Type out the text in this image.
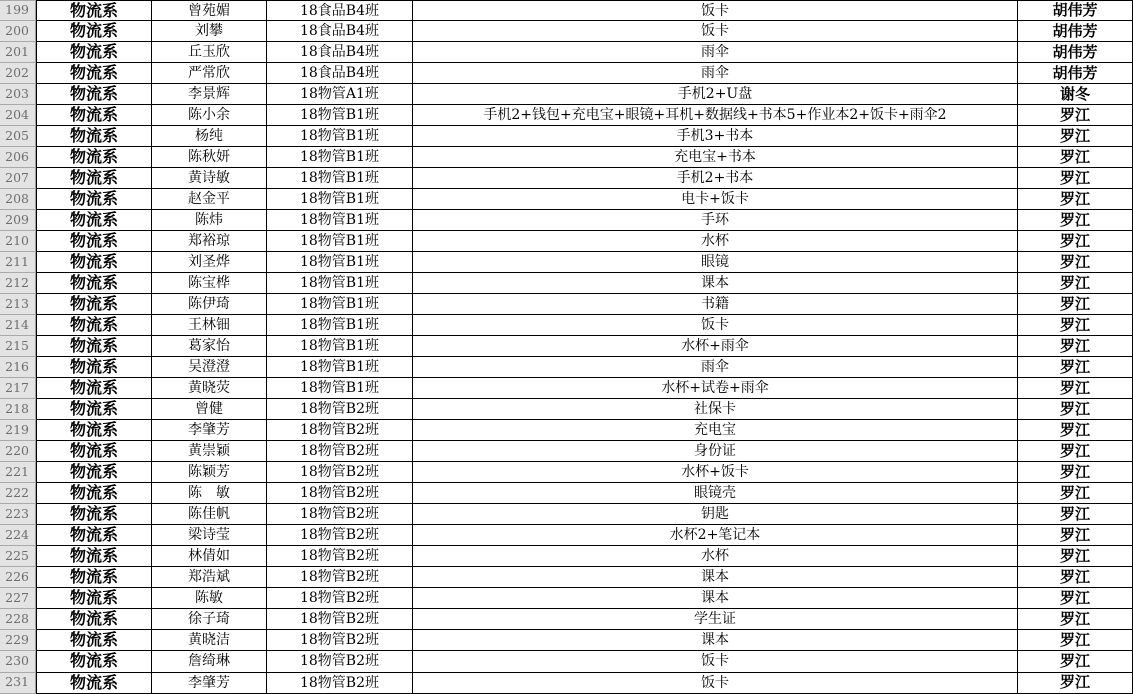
199	物流系	曾苑媚	18食品B4班	饭卡	胡伟芳
200	物流系	刘攀	18食品B4班	饭卡	胡伟芳
201	物流系	丘玉欣	18食品B4班	雨伞	胡伟芳
202	物流系	严常欣	18食品B4班	雨伞	胡伟芳
203	物流系	李景辉	18物管A1班	手机2+U盘	谢冬
204	物流系	陈小余	18物管B1班	手机2+钱包+充电宝+眼镜+耳机+数据线+书本5+作业本2+饭卡+雨伞2	罗江
205	物流系	杨纯	18物管B1班	手机3+书本	罗江
206	物流系	陈秋妍	18物管B1班	充电宝+书本	罗江
207	物流系	黄诗敏	18物管B1班	手机2+书本	罗江
208	物流系	赵金平	18物管B1班	电卡+饭卡	罗江
209	物流系	陈炜	18物管B1班	手环	罗江
210	物流系	郑裕琼	18物管B1班	水杯	罗江
211	物流系	刘圣烨	18物管B1班	眼镜	罗江
212	物流系	陈宝桦	18物管B1班	课本	罗江
213	物流系	陈伊琦	18物管B1班	书籍	罗江
214	物流系	王林钿	18物管B1班	饭卡	罗江
215	物流系	葛家怡	18物管B1班	水杯+雨伞	罗江
216	物流系	吴澄澄	18物管B1班	雨伞	罗江
217	物流系	黄晓荧	18物管B1班	水杯+试卷+雨伞	罗江
218	物流系	曾健	18物管B2班	社保卡	罗江
219	物流系	李肇芳	18物管B2班	充电宝	罗江
220	物流系	黄崇颖	18物管B2班	身份证	罗江
221	物流系	陈颖芳	18物管B2班	水杯+饭卡	罗江
222	物流系	陈　敏	18物管B2班	眼镜壳	罗江
223	物流系	陈佳帆	18物管B2班	钥匙	罗江
224	物流系	梁诗莹	18物管B2班	水杯2+笔记本	罗江
225	物流系	林倩如	18物管B2班	水杯	罗江
226	物流系	郑浩斌	18物管B2班	课本	罗江
227	物流系	陈敏	18物管B2班	课本	罗江
228	物流系	徐子琦	18物管B2班	学生证	罗江
229	物流系	黄晓洁	18物管B2班	课本	罗江
230	物流系	詹绮琳	18物管B2班	饭卡	罗江
231	物流系	李肇芳	18物管B2班	饭卡	罗江
